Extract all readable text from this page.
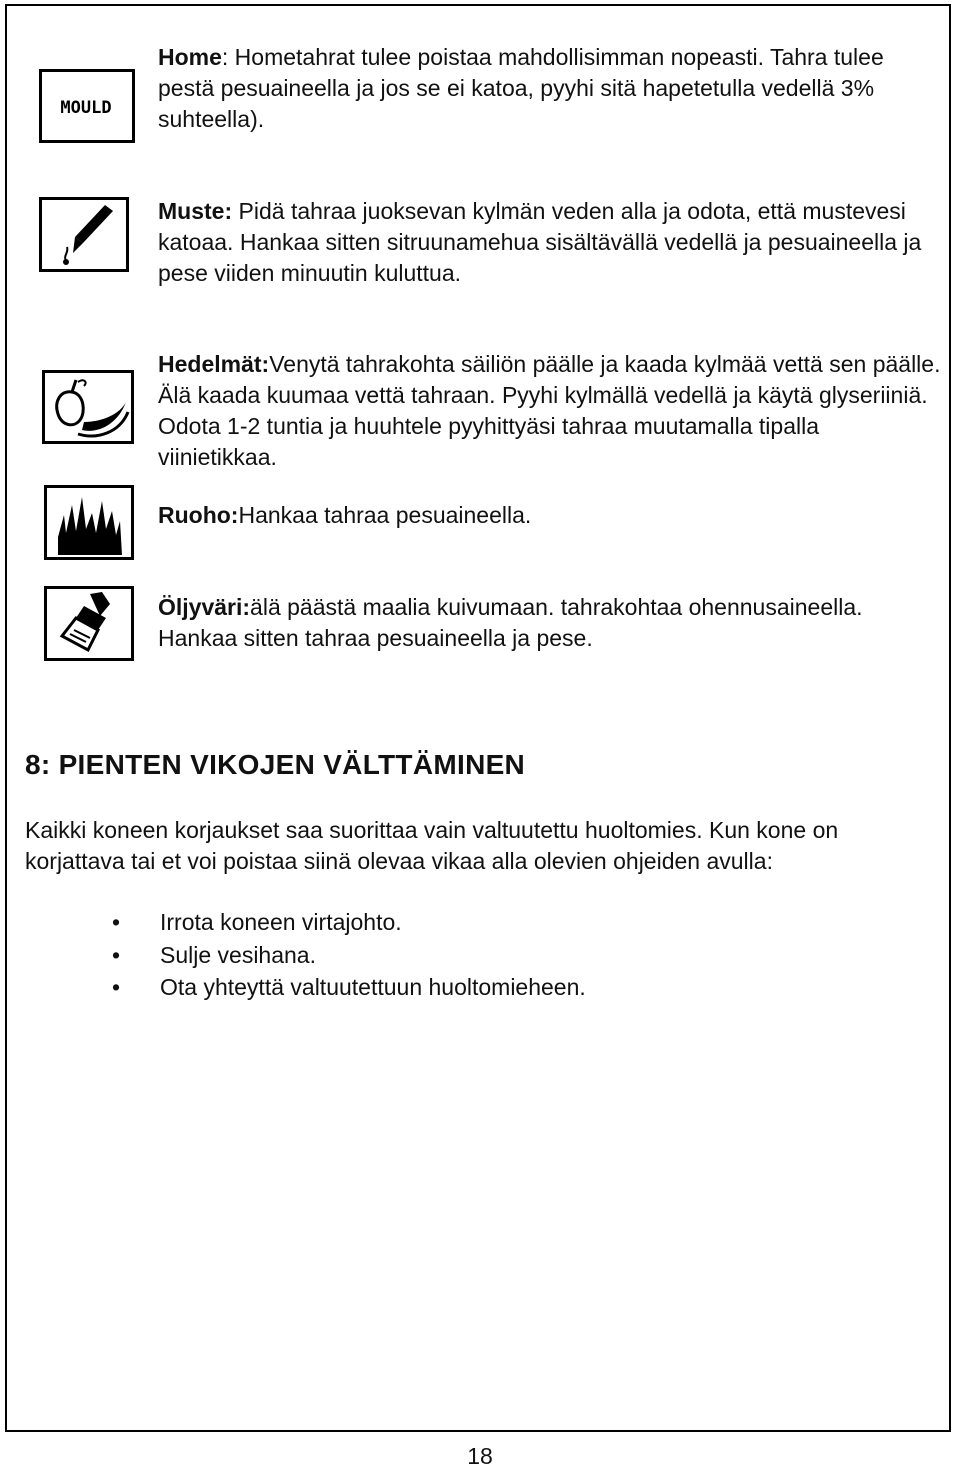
MOULD
Home: Hometahrat tulee poistaa mahdollisimman nopeasti. Tahra tulee pestä pesuaineella ja jos se ei katoa, pyyhi sitä hapetetulla vedellä 3% suhteella).
Muste: Pidä tahraa juoksevan kylmän veden alla ja odota, että mustevesi katoaa. Hankaa sitten sitruunamehua sisältävällä vedellä ja pesuaineella ja pese viiden minuutin kuluttua.
Hedelmät:Venytä tahrakohta säiliön päälle ja kaada kylmää vettä sen päälle. Älä kaada kuumaa vettä tahraan. Pyyhi kylmällä vedellä ja käytä glyseriiniä. Odota 1-2 tuntia ja huuhtele pyyhittyäsi tahraa muutamalla tipalla viinietikkaa.
Ruoho:Hankaa tahraa pesuaineella.
Öljyväri:älä päästä maalia kuivumaan. tahrakohtaa ohennusaineella. Hankaa sitten tahraa pesuaineella ja pese.
8: PIENTEN VIKOJEN VÄLTTÄMINEN
Kaikki koneen korjaukset saa suorittaa vain valtuutettu huoltomies. Kun kone on korjattava tai et voi poistaa siinä olevaa vikaa alla olevien ohjeiden avulla:
• Irrota koneen virtajohto.
• Sulje vesihana.
• Ota yhteyttä valtuutettuun huoltomieheen.
18
